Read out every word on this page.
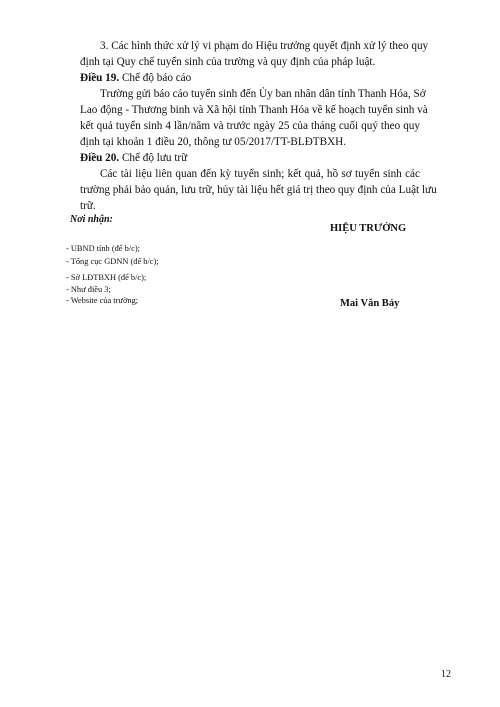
3. Các hình thức xử lý vi phạm do Hiệu trưởng quyết định xử lý theo quy
định tại Quy chế tuyển sinh của trường và quy định của pháp luật.
Điều 19. Chế độ báo cáo
Trường gửi báo cáo tuyển sinh đến Ủy ban nhân dân tỉnh Thanh Hóa, Sở
Lao động - Thương binh và Xã hội tỉnh Thanh Hóa về kế hoạch tuyển sinh và
kết quả tuyển sinh 4 lần/năm và trước ngày 25 của tháng cuối quý theo quy
định tại khoản 1 điều 20, thông tư 05/2017/TT-BLĐTBXH.
Điều 20. Chế độ lưu trữ
Các tài liệu liên quan đến kỳ tuyển sinh; kết quả, hồ sơ tuyển sinh các
trường phải bảo quản, lưu trữ, hủy tài liệu hết giá trị theo quy định của Luật lưu
trữ.
Nơi nhận:
- UBND tỉnh (để b/c);
- Tổng cục GDNN (để b/c);
- Sở LĐTBXH (để b/c);
- Như điều 3;
- Website của trường;
HIỆU TRƯỞNG
Mai Văn Bảy
12
